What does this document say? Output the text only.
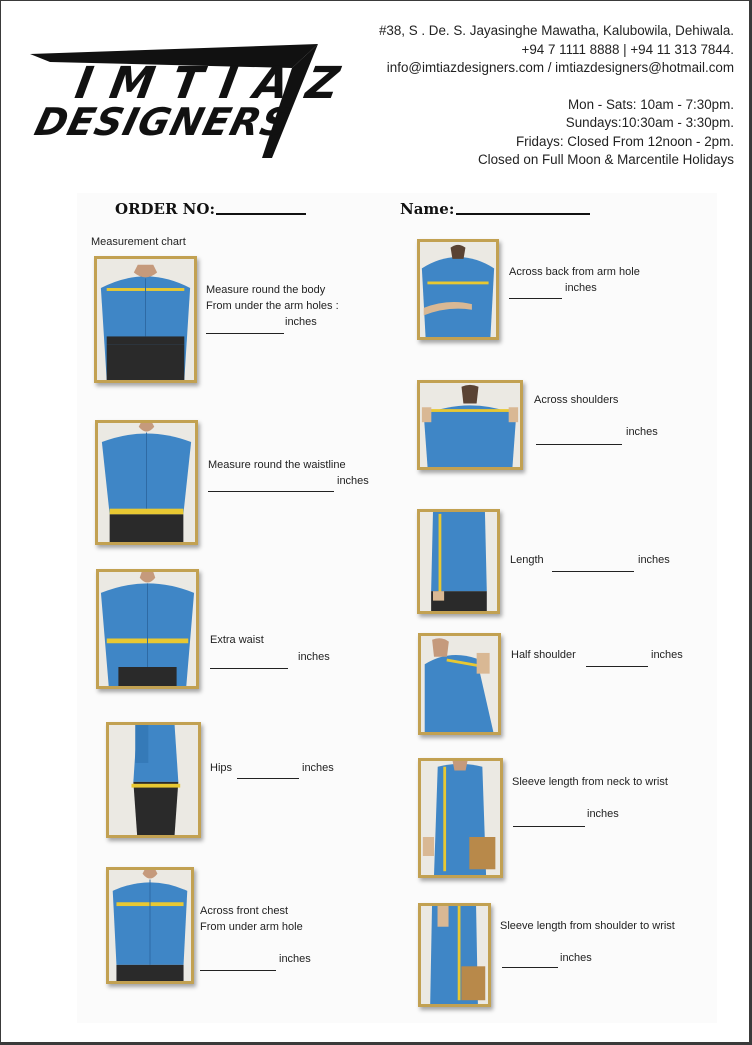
IMTIAZ
DESIGNERS
#38, S . De. S. Jayasinghe Mawatha, Kalubowila, Dehiwala.
+94 7 1111 8888 | +94 11 313 7844.
info@imtiazdesigners.com / imtiazdesigners@hotmail.com
Mon - Sats: 10am - 7:30pm.
Sundays:10:30am - 3:30pm.
Fridays: Closed From 12noon - 2pm.
Closed on Full Moon & Marcentile Holidays
ORDER NO:	Name:
Measurement chart
Measure round the body
From under the arm holes :
inches
Measure round the waistline
inches
Extra waist
inches
Hips	inches
Across front chest
From under arm hole
inches
Across back from arm hole
inches
Across shoulders
inches
Length	inches
Half shoulder	inches
Sleeve length from neck to wrist
inches
Sleeve length from shoulder to wrist
inches
